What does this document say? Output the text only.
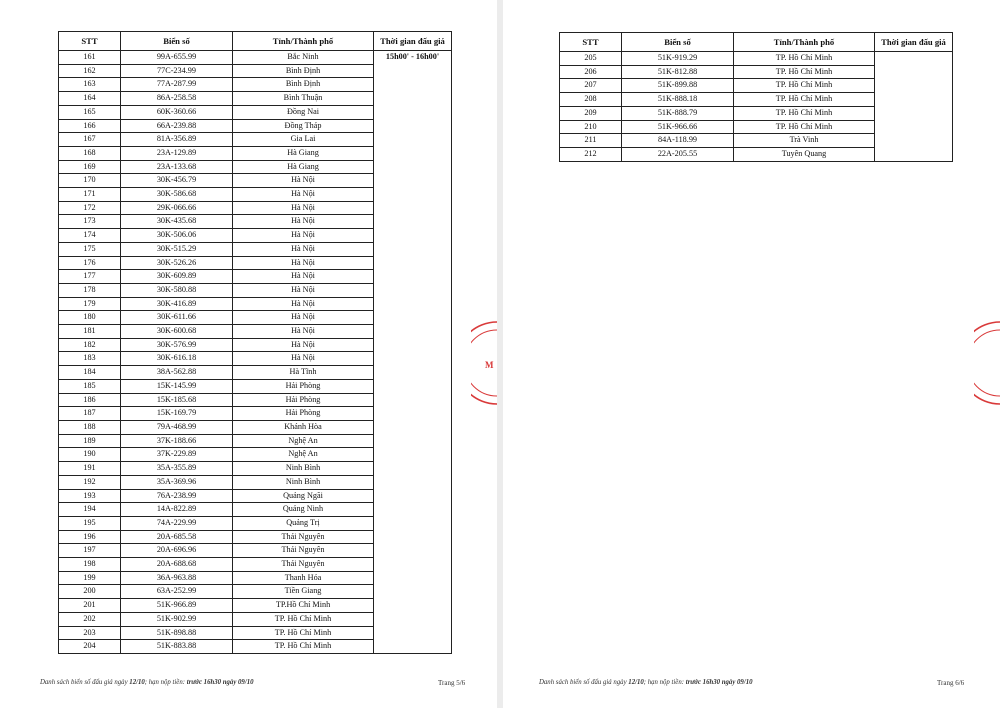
STT	Biển số	Tỉnh/Thành phố	Thời gian đấu giá
161	99A-655.99	Bắc Ninh	15h00' - 16h00'
162	77C-234.99	Bình Định	
163	77A-287.99	Bình Định	
164	86A-258.58	Bình Thuận	
165	60K-360.66	Đồng Nai	
166	66A-239.88	Đồng Tháp	
167	81A-356.89	Gia Lai	
168	23A-129.89	Hà Giang	
169	23A-133.68	Hà Giang	
170	30K-456.79	Hà Nội	
171	30K-586.68	Hà Nội	
172	29K-066.66	Hà Nội	
173	30K-435.68	Hà Nội	
174	30K-506.06	Hà Nội	
175	30K-515.29	Hà Nội	
176	30K-526.26	Hà Nội	
177	30K-609.89	Hà Nội	
178	30K-580.88	Hà Nội	
179	30K-416.89	Hà Nội	
180	30K-611.66	Hà Nội	
181	30K-600.68	Hà Nội	
182	30K-576.99	Hà Nội	
183	30K-616.18	Hà Nội	
184	38A-562.88	Hà Tĩnh	
185	15K-145.99	Hải Phòng	
186	15K-185.68	Hải Phòng	
187	15K-169.79	Hải Phòng	
188	79A-468.99	Khánh Hòa	
189	37K-188.66	Nghệ An	
190	37K-229.89	Nghệ An	
191	35A-355.89	Ninh Bình	
192	35A-369.96	Ninh Bình	
193	76A-238.99	Quảng Ngãi	
194	14A-822.89	Quảng Ninh	
195	74A-229.99	Quảng Trị	
196	20A-685.58	Thái Nguyên	
197	20A-696.96	Thái Nguyên	
198	20A-688.68	Thái Nguyên	
199	36A-963.88	Thanh Hóa	
200	63A-252.99	Tiền Giang	
201	51K-966.89	TP.Hồ Chí Minh	
202	51K-902.99	TP. Hồ Chí Minh	
203	51K-898.88	TP. Hồ Chí Minh	
204	51K-883.88	TP. Hồ Chí Minh	
Danh sách biển số đấu giá ngày 12/10; hạn nộp tiền: trước 16h30 ngày 09/10	Trang 5/6
M
STT	Biển số	Tỉnh/Thành phố	Thời gian đấu giá
205	51K-919.29	TP. Hồ Chí Minh	
206	51K-812.88	TP. Hồ Chí Minh	
207	51K-899.88	TP. Hồ Chí Minh	
208	51K-888.18	TP. Hồ Chí Minh	
209	51K-888.79	TP. Hồ Chí Minh	
210	51K-966.66	TP. Hồ Chí Minh	
211	84A-118.99	Trà Vinh	
212	22A-205.55	Tuyên Quang	
Danh sách biển số đấu giá ngày 12/10; hạn nộp tiền: trước 16h30 ngày 09/10	Trang 6/6
